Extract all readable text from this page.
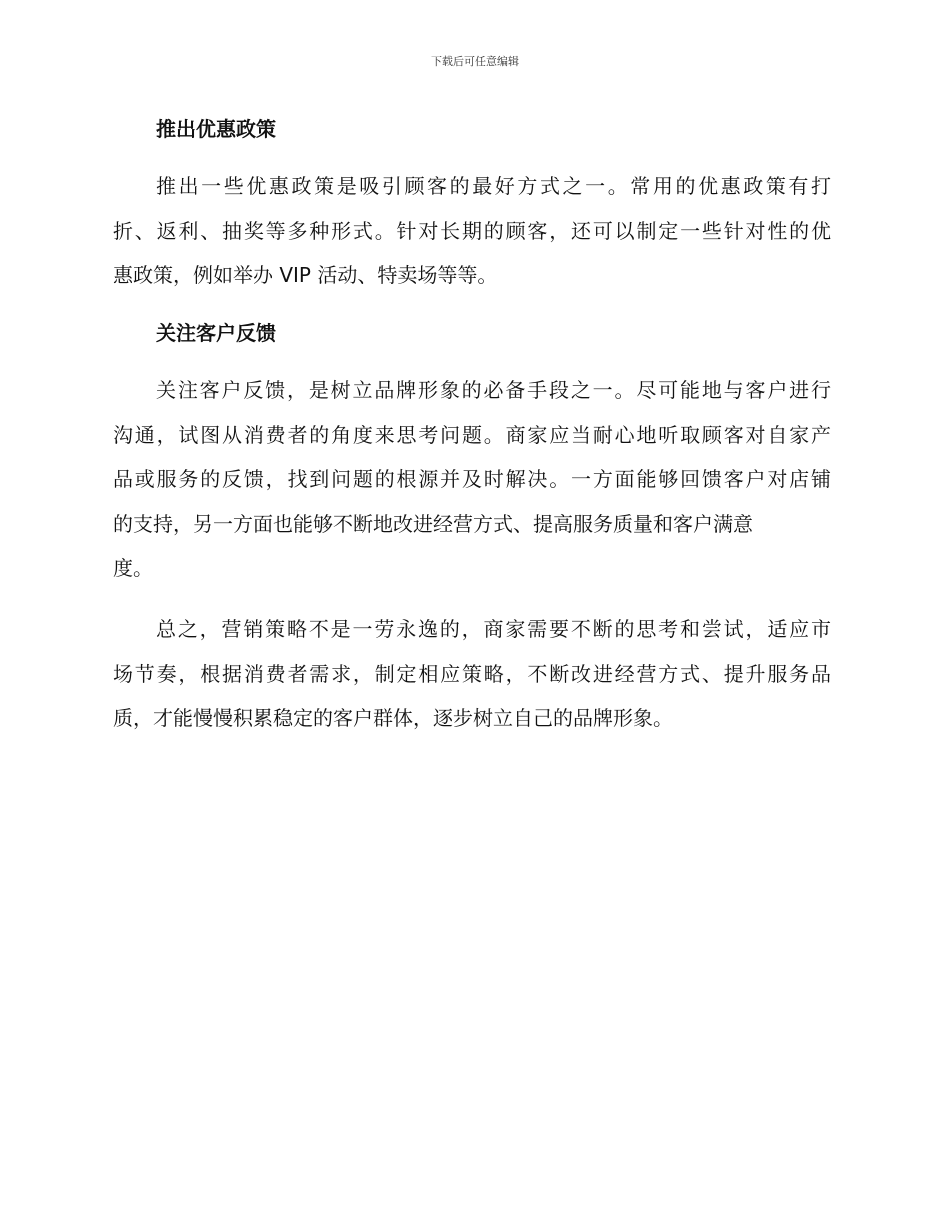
下载后可任意编辑
推出优惠政策
推出一些优惠政策是吸引顾客的最好方式之一。常用的优惠政策有打
折、返利、抽奖等多种形式。针对长期的顾客，还可以制定一些针对性的优
惠政策，例如举办 VIP 活动、特卖场等等。
关注客户反馈
关注客户反馈，是树立品牌形象的必备手段之一。尽可能地与客户进行
沟通，试图从消费者的角度来思考问题。商家应当耐心地听取顾客对自家产
品或服务的反馈，找到问题的根源并及时解决。一方面能够回馈客户对店铺
的支持，另一方面也能够不断地改进经营方式、提高服务质量和客户满意
度。
总之，营销策略不是一劳永逸的，商家需要不断的思考和尝试，适应市
场节奏，根据消费者需求，制定相应策略，不断改进经营方式、提升服务品
质，才能慢慢积累稳定的客户群体，逐步树立自己的品牌形象。
